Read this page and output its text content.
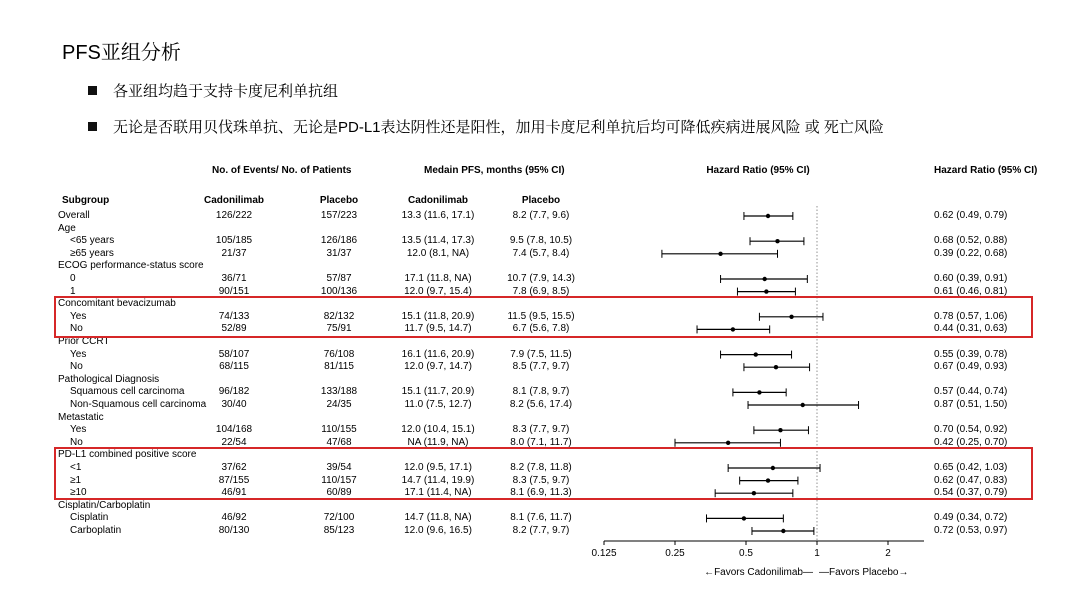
PFS亚组分析
各亚组均趋于支持卡度尼利单抗组
无论是否联用贝伐珠单抗、无论是PD-L1表达阴性还是阳性，加用卡度尼利单抗后均可降低疾病进展风险 或 死亡风险
No. of Events/ No. of Patients	Medain PFS, months (95% CI)	Hazard Ratio (95% CI)	Hazard Ratio (95% CI)
Subgroup	Cadonilimab	Placebo	Cadonilimab	Placebo
Overall	126/222	157/223	13.3 (11.6, 17.1)	8.2 (7.7, 9.6)	0.62 (0.49, 0.79)
Age
<65 years	105/185	126/186	13.5 (11.4, 17.3)	9.5 (7.8, 10.5)	0.68 (0.52, 0.88)
≥65 years	21/37	31/37	12.0 (8.1, NA)	7.4 (5.7, 8.4)	0.39 (0.22, 0.68)
ECOG performance-status score
0	36/71	57/87	17.1 (11.8, NA)	10.7 (7.9, 14.3)	0.60 (0.39, 0.91)
1	90/151	100/136	12.0 (9.7, 15.4)	7.8 (6.9, 8.5)	0.61 (0.46, 0.81)
Concomitant bevacizumab
Yes	74/133	82/132	15.1 (11.8, 20.9)	11.5 (9.5, 15.5)	0.78 (0.57, 1.06)
No	52/89	75/91	11.7 (9.5, 14.7)	6.7 (5.6, 7.8)	0.44 (0.31, 0.63)
Prior CCRT
Yes	58/107	76/108	16.1 (11.6, 20.9)	7.9 (7.5, 11.5)	0.55 (0.39, 0.78)
No	68/115	81/115	12.0 (9.7, 14.7)	8.5 (7.7, 9.7)	0.67 (0.49, 0.93)
Pathological Diagnosis
Squamous cell carcinoma	96/182	133/188	15.1 (11.7, 20.9)	8.1 (7.8, 9.7)	0.57 (0.44, 0.74)
Non-Squamous cell carcinoma 30/40	24/35	11.0 (7.5, 12.7)	8.2 (5.6, 17.4)	0.87 (0.51, 1.50)
Metastatic
Yes	104/168	110/155	12.0 (10.4, 15.1)	8.3 (7.7, 9.7)	0.70 (0.54, 0.92)
No	22/54	47/68	NA (11.9, NA)	8.0 (7.1, 11.7)	0.42 (0.25, 0.70)
PD-L1 combined positive score
<1	37/62	39/54	12.0 (9.5, 17.1)	8.2 (7.8, 11.8)	0.65 (0.42, 1.03)
≥1	87/155	110/157	14.7 (11.4, 19.9)	8.3 (7.5, 9.7)	0.62 (0.47, 0.83)
≥10	46/91	60/89	17.1 (11.4, NA)	8.1 (6.9, 11.3)	0.54 (0.37, 0.79)
Cisplatin/Carboplatin
Cisplatin	46/92	72/100	14.7 (11.8, NA)	8.1 (7.6, 11.7)	0.49 (0.34, 0.72)
Carboplatin	80/130	85/123	12.0 (9.6, 16.5)	8.2 (7.7, 9.7)	0.72 (0.53, 0.97)
0.125	0.25	0.5	1	2
←Favors Cadonilimab— —Favors Placebo→
